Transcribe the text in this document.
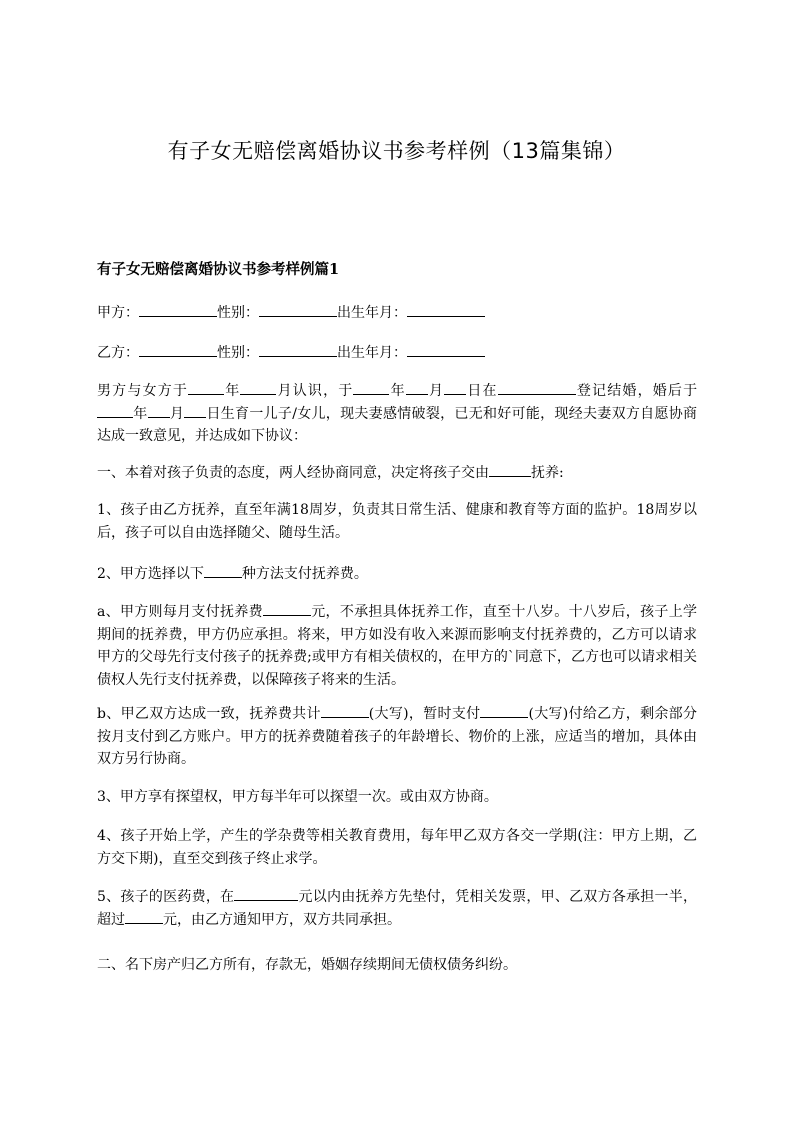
有子女无赔偿离婚协议书参考样例（13篇集锦）
有子女无赔偿离婚协议书参考样例篇1

甲方：	性别：	出生年月：

乙方：	性别：	出生年月：

男方与女方于	年	月认识，于	年 月 日在	登记结婚，婚后于年 月 日生育一儿子/女儿，现夫妻感情破裂，已无和好可能，现经夫妻双方自愿协商达成一致意见，并达成如下协议：

一、本着对孩子负责的态度，两人经协商同意，决定将孩子交由	抚养:

1、孩子由乙方抚养，直至年满18周岁，负责其日常生活、健康和教育等方面的监护。18周岁以后，孩子可以自由选择随父、随母生活。

2、甲方选择以下	种方法支付抚养费。

a、甲方则每月支付抚养费	元，不承担具体抚养工作，直至十八岁。十八岁后，孩子上学期间的抚养费，甲方仍应承担。将来，甲方如没有收入来源而影响支付抚养费的，乙方可以请求甲方的父母先行支付孩子的抚养费;或甲方有相关债权的，在甲方的`同意下，乙方也可以请求相关债权人先行支付抚养费，以保障孩子将来的生活。

b、甲乙双方达成一致，抚养费共计	(大写)，暂时支付	(大写)付给乙方，剩余部分按月支付到乙方账户。甲方的抚养费随着孩子的年龄增长、物价的上涨，应适当的增加，具体由双方另行协商。

3、甲方享有探望权，甲方每半年可以探望一次。或由双方协商。

4、孩子开始上学，产生的学杂费等相关教育费用，每年甲乙双方各交一学期(注：甲方上期，乙方交下期)，直至交到孩子终止求学。

5、孩子的医药费，在	元以内由抚养方先垫付，凭相关发票，甲、乙双方各承担一半，超过	元，由乙方通知甲方，双方共同承担。

二、名下房产归乙方所有，存款无，婚姻存续期间无债权债务纠纷。
